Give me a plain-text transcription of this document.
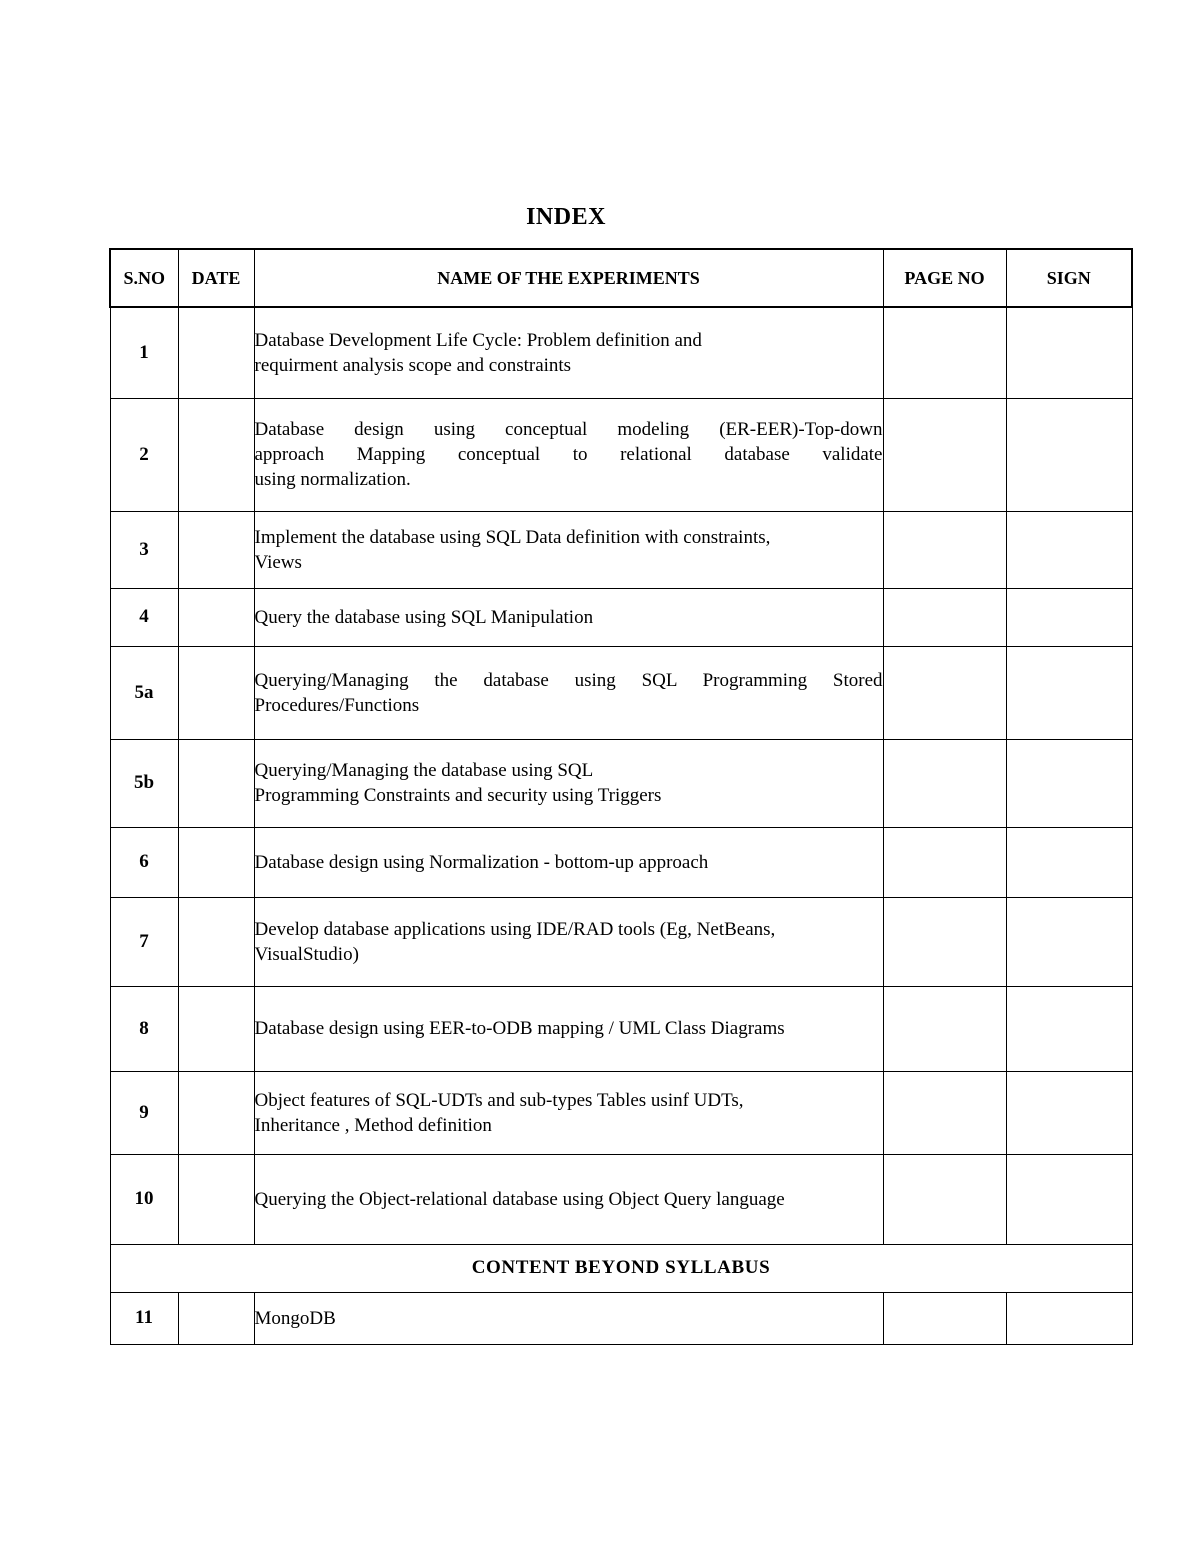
INDEX
S.NO	DATE	NAME OF THE EXPERIMENTS	PAGE NO	SIGN
1		Database Development Life Cycle: Problem definition and
requirment analysis scope and constraints		

2		Database design using conceptual modeling (ER-EER)-Top-down
approach Mapping conceptual to relational database validate
using normalization.		

3		Implement the database using SQL Data definition with constraints,
Views		

4		Query the database using SQL Manipulation		

5a		Querying/Managing the database using SQL Programming Stored
Procedures/Functions		

5b		Querying/Managing the database using SQL
Programming Constraints and security using Triggers		

6		Database design using Normalization - bottom-up approach		

7		Develop database applications using IDE/RAD tools (Eg, NetBeans,
VisualStudio)		

8		Database design using EER-to-ODB mapping / UML Class Diagrams		

9		Object features of SQL-UDTs and sub-types Tables usinf UDTs,
Inheritance , Method definition		

10		Querying the Object-relational database using Object Query language		

CONTENT BEYOND SYLLABUS				
11		MongoDB		
